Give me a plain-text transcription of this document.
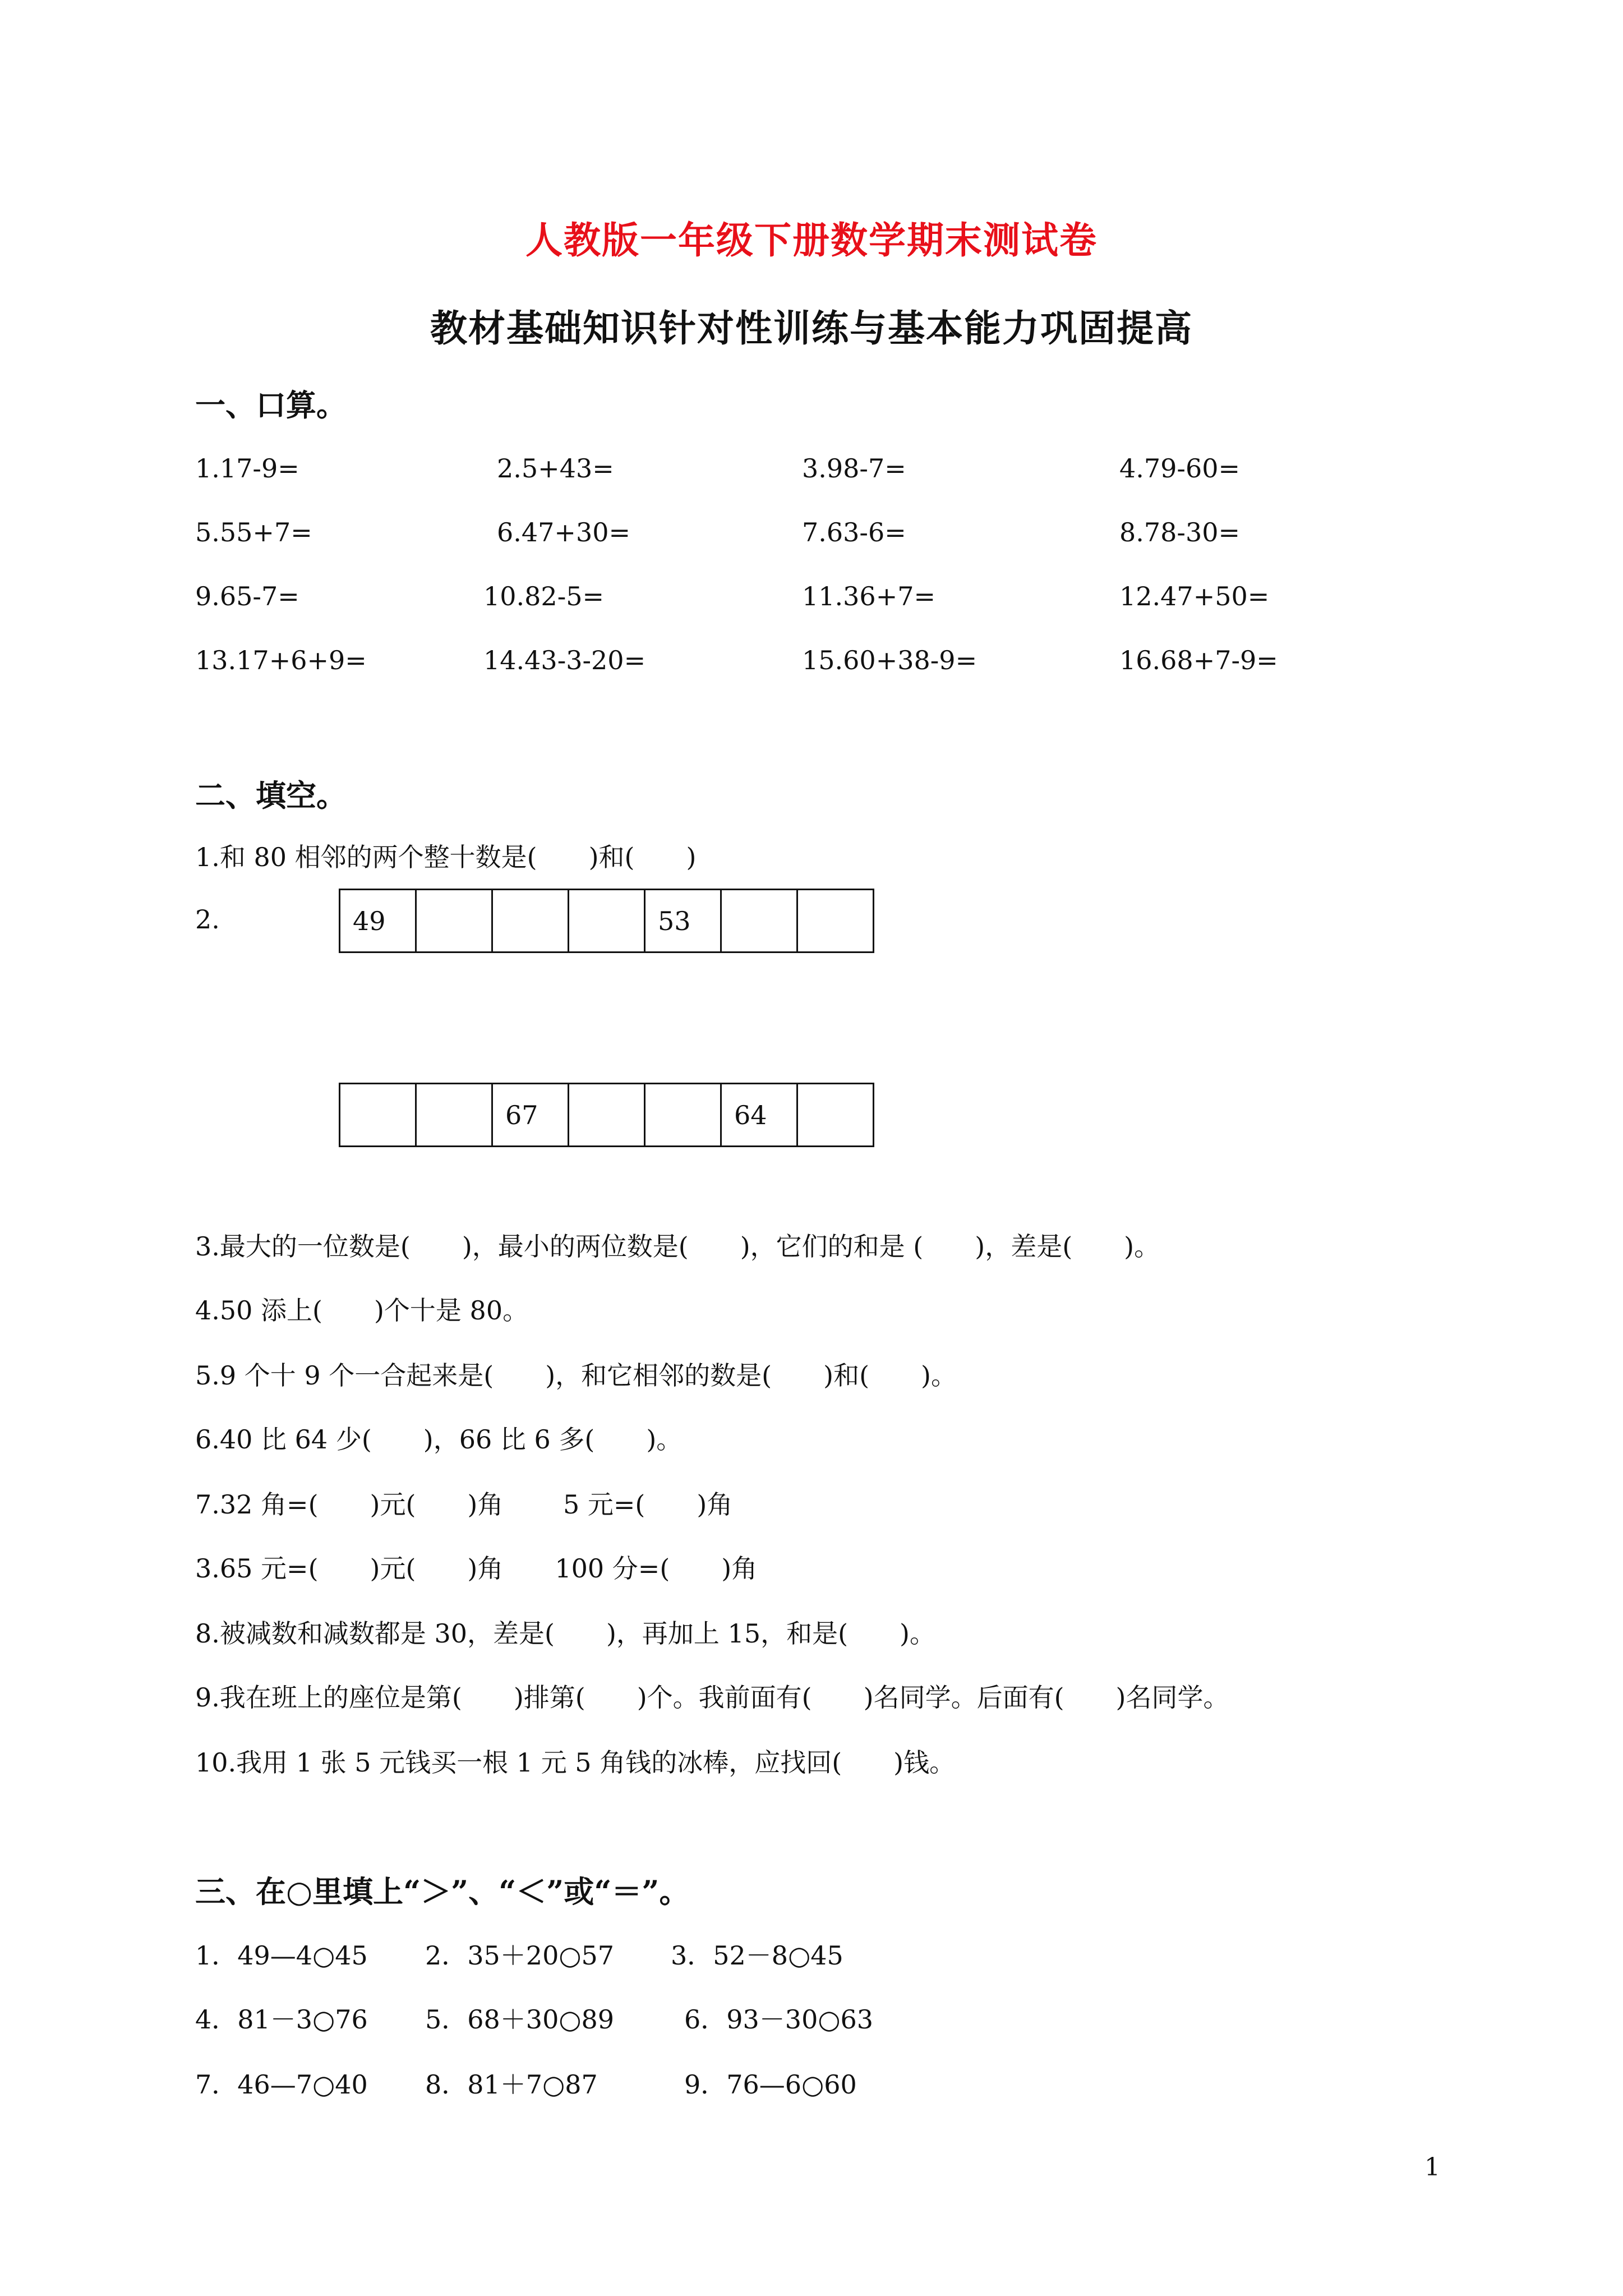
人教版一年级下册数学期末测试卷
教材基础知识针对性训练与基本能力巩固提高
一、口算。
1.17-9=	2.5+43=	3.98-7=	4.79-60=
5.55+7=	6.47+30=	7.63-6=	8.78-30=
9.65-7=	10.82-5=	11.36+7=	12.47+50=
13.17+6+9=	14.43-3-20=	15.60+38-9=	16.68+7-9=
二、填空。
1.和 80 相邻的两个整十数是(　　)和(　　)
2.	49				53		
		67			64	
3.最大的一位数是(　　)，最小的两位数是(　　)，它们的和是 (　　)，差是(　　)。
4.50 添上(　　)个十是 80。
5.9 个十 9 个一合起来是(　　)，和它相邻的数是(　　)和(　　)。
6.40 比 64 少(　　)，66 比 6 多(　　)。
7.32 角=(　　)元(　　)角　　 5 元=(　　)角
3.65 元=(　　)元(　　)角　　100 分=(　　)角
8.被减数和减数都是 30，差是(　　)，再加上 15，和是(　　)。
9.我在班上的座位是第(　　)排第(　　)个。我前面有(　　)名同学。后面有(　　)名同学。
10.我用 1 张 5 元钱买一根 1 元 5 角钱的冰棒，应找回(　　)钱。
三、在○里填上“＞”、“＜”或“＝”。
1．49—4○45 2．35＋20○57 3．52－8○45
4．81－3○76 5．68＋30○89	6．93－30○63
7．46—7○40 8．81＋7○87	9．76—6○60
1
